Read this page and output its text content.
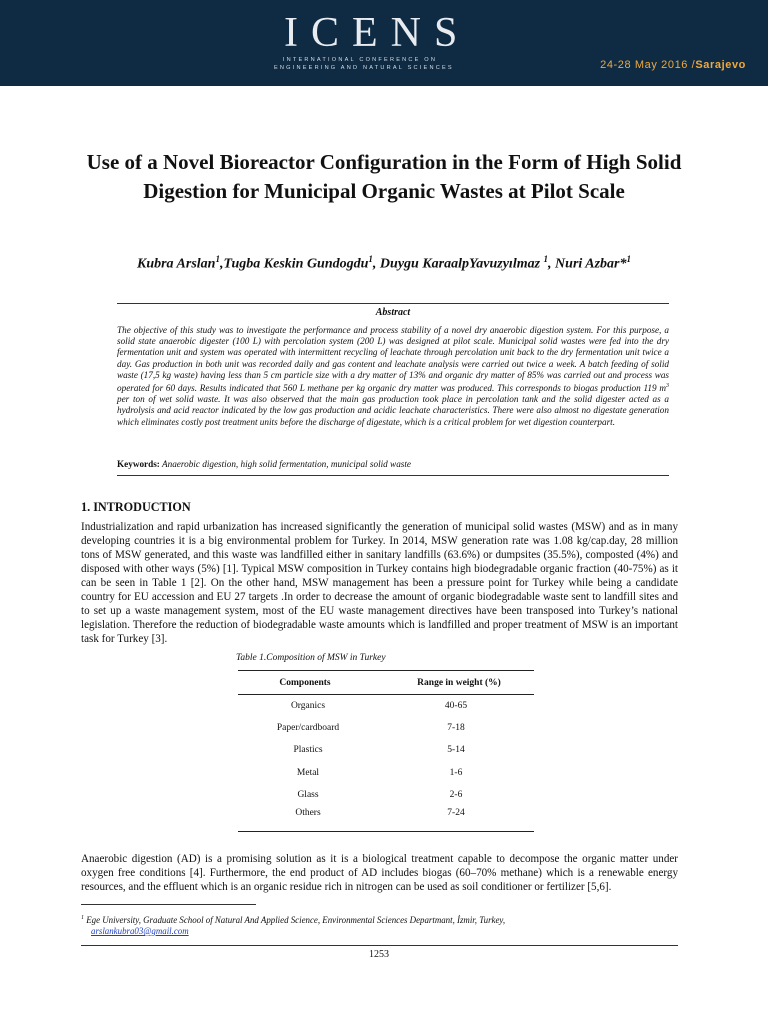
ICENS
INTERNATIONAL CONFERENCE ON
ENGINEERING AND NATURAL SCIENCES	24-28 May 2016 /Sarajevo
Use of a Novel Bioreactor Configuration in the Form of High Solid Digestion for Municipal Organic Wastes at Pilot Scale
Kubra Arslan$^1$,Tugba Keskin Gundogdu$^1$, Duygu KaraalpYavuzyılmaz $^1$, Nuri Azbar*$^1$
Abstract

The objective of this study was to investigate the performance and process stability of a novel dry anaerobic digestion system. For this purpose, a solid state anaerobic digester (100 L) with percolation system (200 L) was designed at pilot scale. Municipal solid wastes were fed into the dry fermentation unit and system was operated with intermittent recycling of leachate through percolation unit back to the dry fermentation unit twice a day. Gas production in both unit was recorded daily and gas content and leachate analysis were carried out twice a week. A batch feeding of solid waste (17,5 kg waste) having less than 5 cm particle size with a dry matter of 13% and organic dry matter of 85% was carried out and process was operated for 60 days. Results indicated that 560 L methane per kg organic dry matter was produced. This corresponds to biogas production 119 $m^3$ per ton of wet solid waste. It was also observed that the main gas production took place in percolation tank and the solid digester acted as a hydrolysis and acid reactor indicated by the low gas production and acidic leachate characteristics. There were also almost no digestate generation which eliminates costly post treatment units before the discharge of digestate, which is a critical problem for wet digestion counterpart.

Keywords: Anaerobic digestion, high solid fermentation, municipal solid waste
1. INTRODUCTION

Industrialization and rapid urbanization has increased significantly the generation of municipal solid wastes (MSW) and as in many developing countries it is a big environmental problem for Turkey. In 2014, MSW generation rate was 1.08 kg/cap.day, 28 million tons of MSW generated, and this waste was landfilled either in sanitary landfills (63.6%) or dumpsites (35.5%), composted (4%) and disposed with other ways (5%) [1]. Typical MSW composition in Turkey contains high biodegradable organic fraction (40-75%) as it can be seen in Table 1 [2]. On the other hand, MSW management has been a pressure point for Turkey while being a candidate country for EU accession and EU 27 targets .In order to decrease the amount of organic biodegradable waste sent to landfill sites and to set up a waste management system, most of the EU waste management directives have been transposed into Turkey’s national legislation. Therefore the reduction of biodegradable waste amounts which is landfilled and proper treatment of MSW is an important task for Turkey [3].

Table 1.Composition of MSW in Turkey
Components	Range in weight (%)
Organics	40-65
Paper/cardboard	7-18
Plastics	5-14
Metal	1-6
Glass	2-6
Others	7-24

Anaerobic digestion (AD) is a promising solution as it is a biological treatment capable to decompose the organic matter under oxygen free conditions [4]. Furthermore, the end product of AD includes biogas (60–70% methane) which is a renewable energy resources, and the effluent which is an organic residue rich in nitrogen can be used as soil conditioner or fertilizer [5,6].

$^1$ Ege University, Graduate School of Natural And Applied Science, Environmental Sciences Departmant, İzmir, Turkey,
arslankubra03@gmail.com
1253
